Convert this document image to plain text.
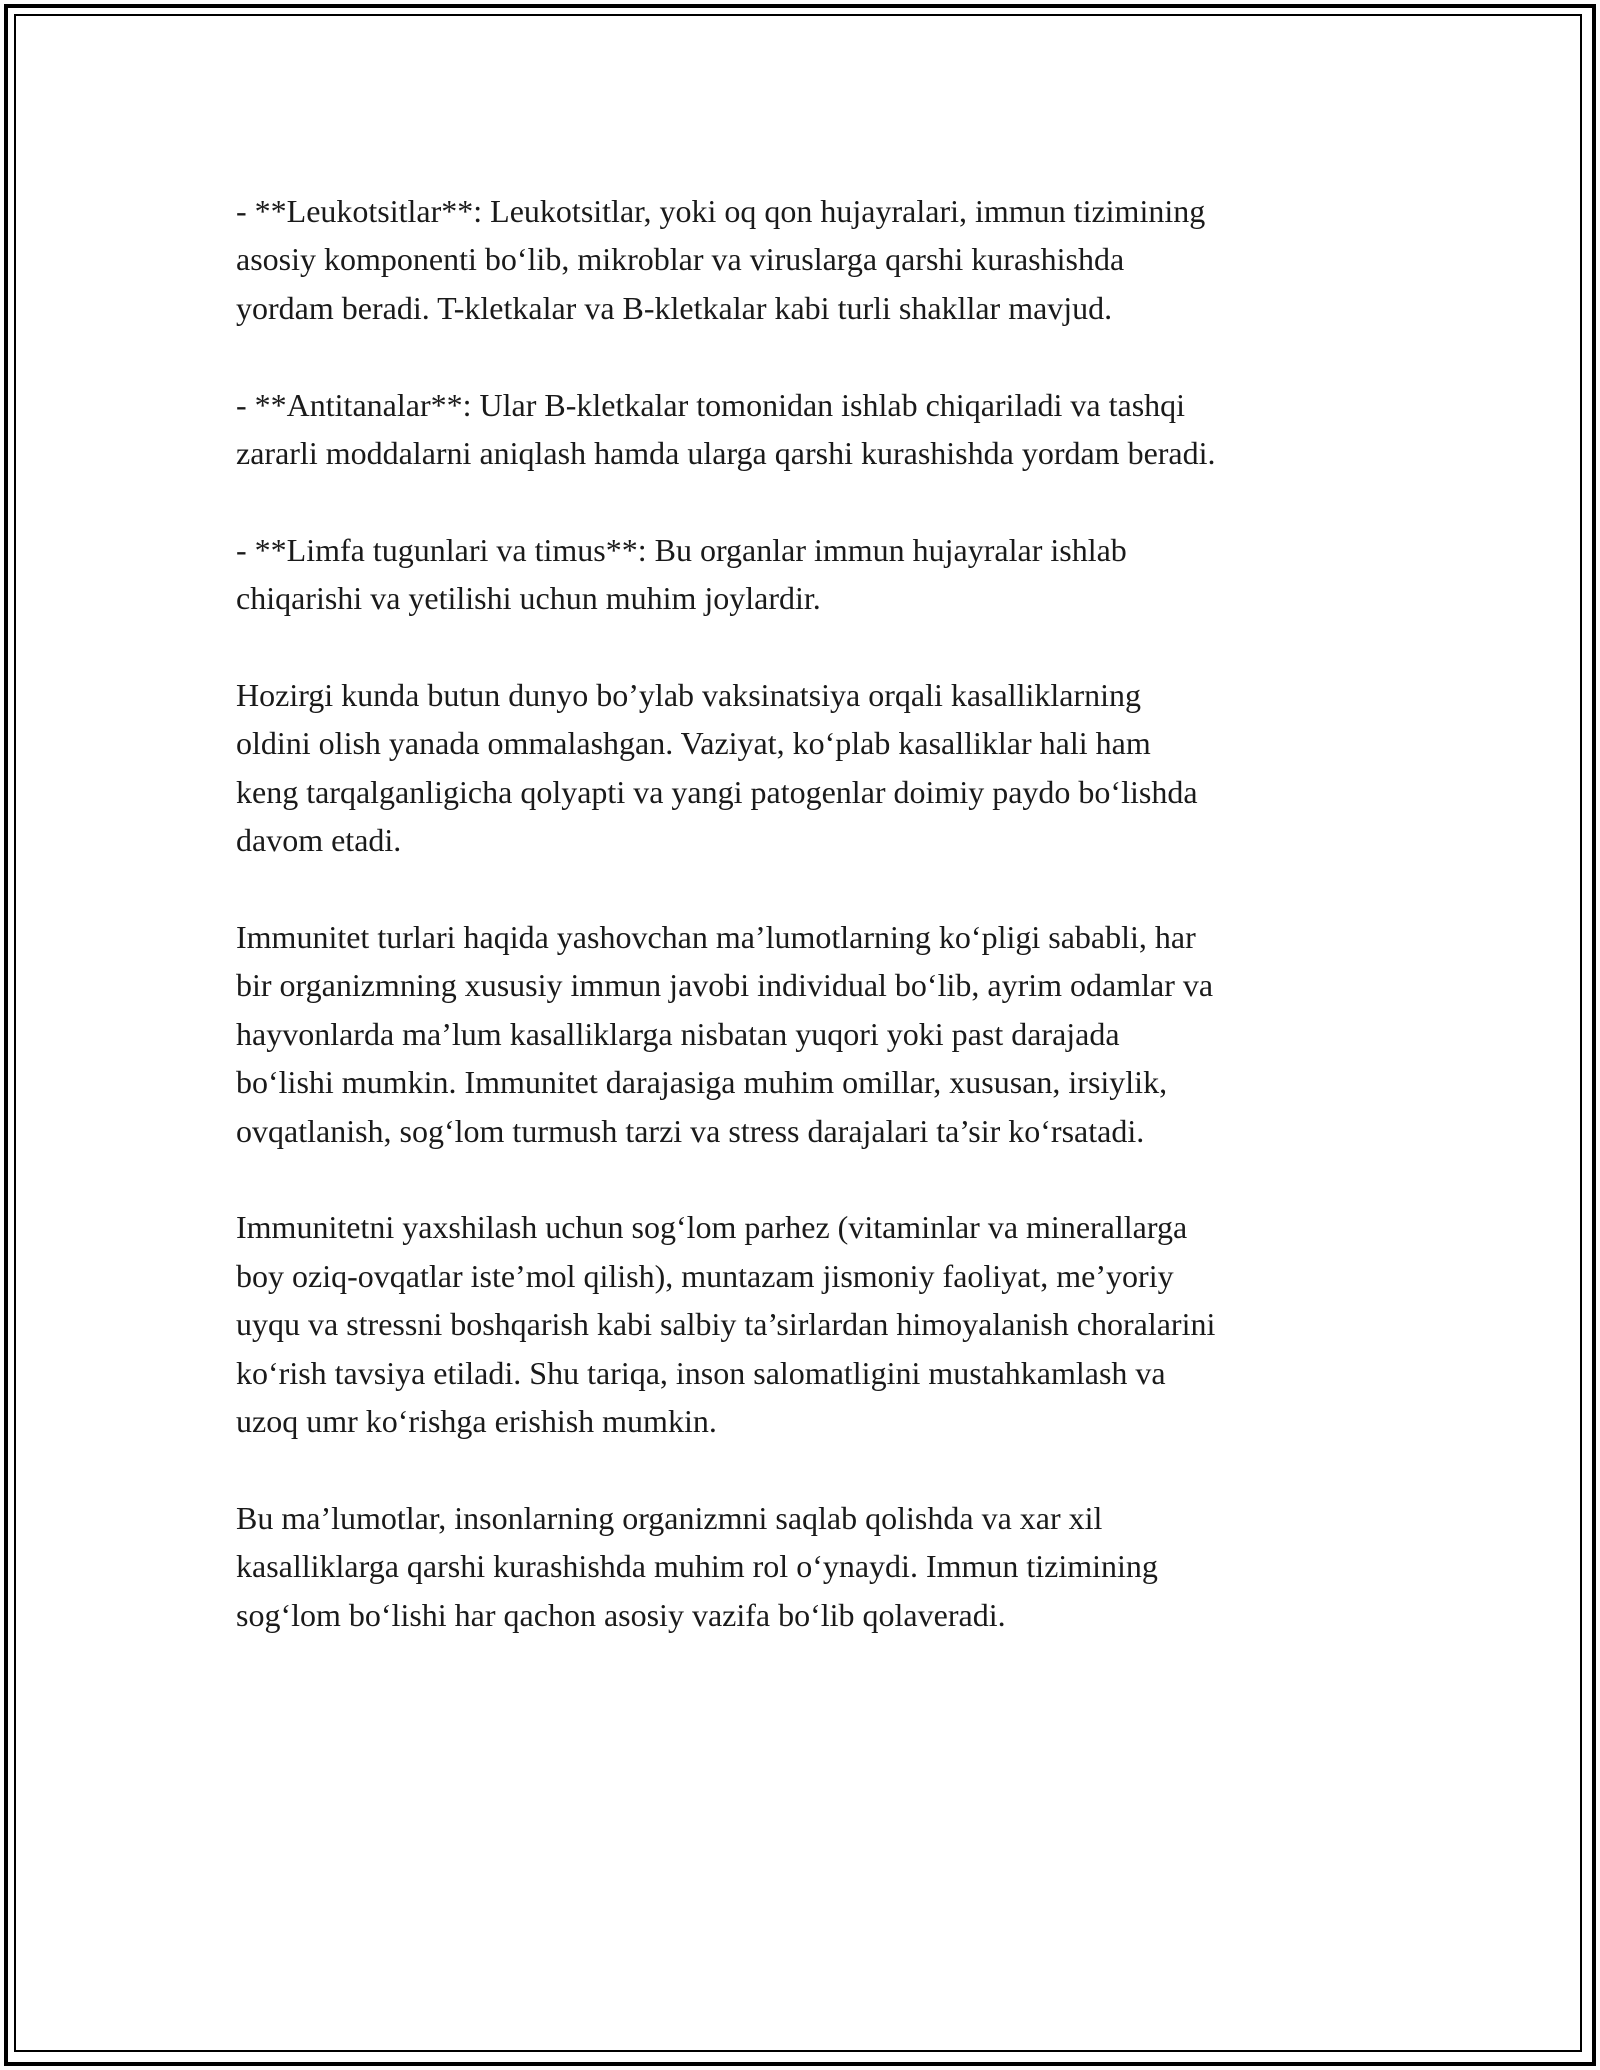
- **Leukotsitlar**: Leukotsitlar, yoki oq qon hujayralari, immun tizimining
asosiy komponenti bo‘lib, mikroblar va viruslarga qarshi kurashishda
yordam beradi. T-kletkalar va B-kletkalar kabi turli shakllar mavjud.

- **Antitanalar**: Ular B-kletkalar tomonidan ishlab chiqariladi va tashqi
zararli moddalarni aniqlash hamda ularga qarshi kurashishda yordam beradi.

- **Limfa tugunlari va timus**: Bu organlar immun hujayralar ishlab
chiqarishi va yetilishi uchun muhim joylardir.

Hozirgi kunda butun dunyo bo’ylab vaksinatsiya orqali kasalliklarning
oldini olish yanada ommalashgan. Vaziyat, ko‘plab kasalliklar hali ham
keng tarqalganligicha qolyapti va yangi patogenlar doimiy paydo bo‘lishda
davom etadi.

Immunitet turlari haqida yashovchan ma’lumotlarning ko‘pligi sababli, har
bir organizmning xususiy immun javobi individual bo‘lib, ayrim odamlar va
hayvonlarda ma’lum kasalliklarga nisbatan yuqori yoki past darajada
bo‘lishi mumkin. Immunitet darajasiga muhim omillar, xususan, irsiylik,
ovqatlanish, sog‘lom turmush tarzi va stress darajalari ta’sir ko‘rsatadi.

Immunitetni yaxshilash uchun sog‘lom parhez (vitaminlar va minerallarga
boy oziq-ovqatlar iste’mol qilish), muntazam jismoniy faoliyat, me’yoriy
uyqu va stressni boshqarish kabi salbiy ta’sirlardan himoyalanish choralarini
ko‘rish tavsiya etiladi. Shu tariqa, inson salomatligini mustahkamlash va
uzoq umr ko‘rishga erishish mumkin.

Bu ma’lumotlar, insonlarning organizmni saqlab qolishda va xar xil
kasalliklarga qarshi kurashishda muhim rol o‘ynaydi. Immun tizimining
sog‘lom bo‘lishi har qachon asosiy vazifa bo‘lib qolaveradi.
